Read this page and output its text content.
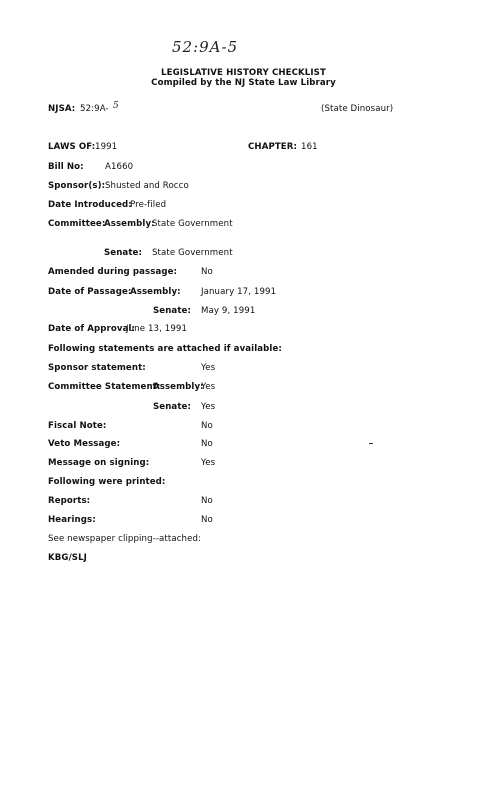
52:9A-5
LEGISLATIVE HISTORY CHECKLIST
Compiled by the NJ State Law Library
NJSA: 52:9A- 5	(State Dinosaur)
LAWS OF: 1991	CHAPTER: 161
Bill No: A1660
Sponsor(s): Shusted and Rocco
Date Introduced:
Pre-filed
Committee:
Assembly:
State Government
Senate: State Government
Amended during passage:	No
Date of Passage:
Assembly: January 17, 1991
Senate: May 9, 1991
Date of Approval:
June 13, 1991
Following statements are attached if available:
Sponsor statement:	Yes
Committee Statement:
Assembly:
Yes
Senate: Yes
Fiscal Note:	No
Veto Message:	No
Message on signing:	Yes
Following were printed:
Reports:	No
Hearings:	No
See newspaper clipping--attached:
KBG/SLJ
